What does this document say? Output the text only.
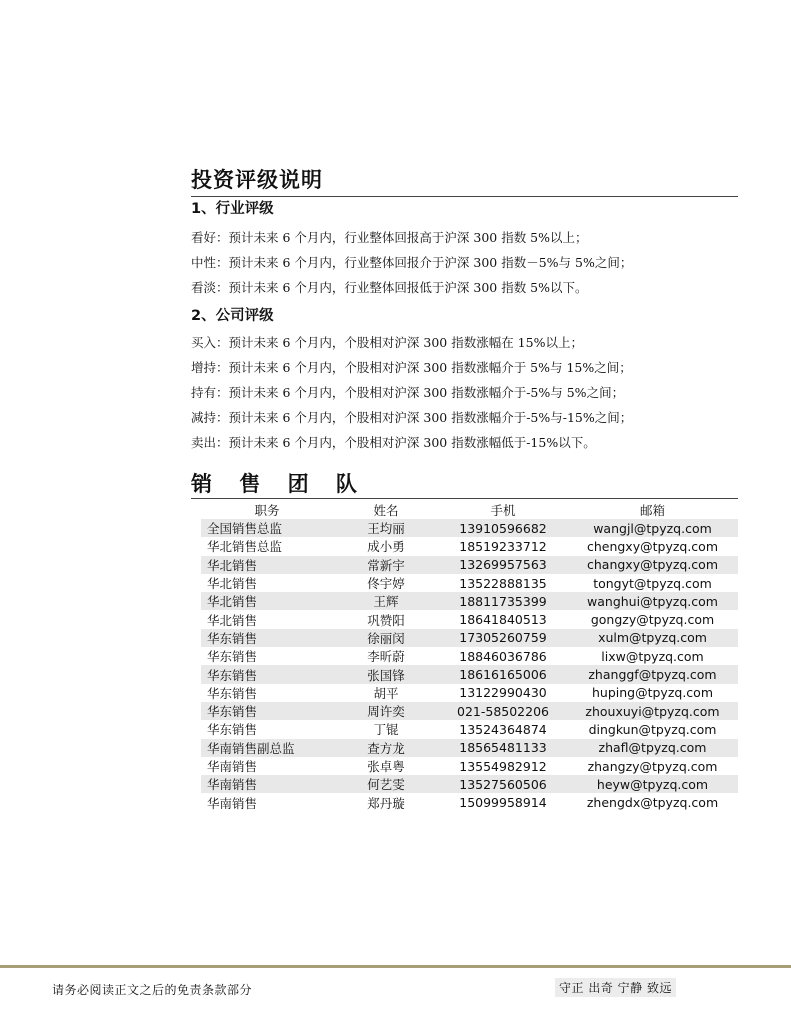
投资评级说明
1、行业评级

看好：预计未来 6 个月内，行业整体回报高于沪深 300 指数 5%以上；

中性：预计未来 6 个月内，行业整体回报介于沪深 300 指数－5%与 5%之间；

看淡：预计未来 6 个月内，行业整体回报低于沪深 300 指数 5%以下。

2、公司评级

买入：预计未来 6 个月内，个股相对沪深 300 指数涨幅在 15%以上；

增持：预计未来 6 个月内，个股相对沪深 300 指数涨幅介于 5%与 15%之间；

持有：预计未来 6 个月内，个股相对沪深 300 指数涨幅介于-5%与 5%之间；

减持：预计未来 6 个月内，个股相对沪深 300 指数涨幅介于-5%与-15%之间；

卖出：预计未来 6 个月内，个股相对沪深 300 指数涨幅低于-15%以下。

销 售 团 队
职务	姓名	手机	邮箱
全国销售总监	王均丽	13910596682	wangjl@tpyzq.com
华北销售总监	成小勇	18519233712	chengxy@tpyzq.com
华北销售	常新宇	13269957563	changxy@tpyzq.com
华北销售	佟宇婷	13522888135	tongyt@tpyzq.com
华北销售	王辉	18811735399	wanghui@tpyzq.com
华北销售	巩赞阳	18641840513	gongzy@tpyzq.com
华东销售	徐丽闵	17305260759	xulm@tpyzq.com
华东销售	李昕蔚	18846036786	lixw@tpyzq.com
华东销售	张国锋	18616165006	zhanggf@tpyzq.com
华东销售	胡平	13122990430	huping@tpyzq.com
华东销售	周许奕	021-58502206	zhouxuyi@tpyzq.com
华东销售	丁锟	13524364874	dingkun@tpyzq.com
华南销售副总监	查方龙	18565481133	zhafl@tpyzq.com
华南销售	张卓粤	13554982912	zhangzy@tpyzq.com
华南销售	何艺雯	13527560506	heyw@tpyzq.com
华南销售	郑丹璇	15099958914	zhengdx@tpyzq.com

请务必阅读正文之后的免责条款部分	守正 出奇 宁静 致远
